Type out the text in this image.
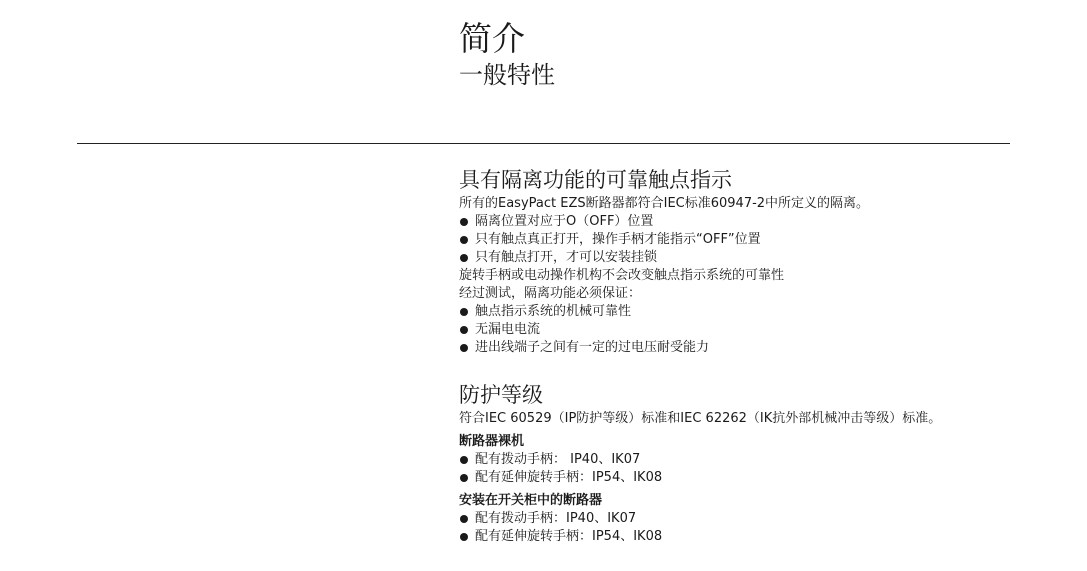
简介
一般特性
具有隔离功能的可靠触点指示
所有的EasyPact EZS断路器都符合IEC标准60947-2中所定义的隔离。
隔离位置对应于O（OFF）位置
只有触点真正打开，操作手柄才能指示“OFF”位置
只有触点打开，才可以安装挂锁
旋转手柄或电动操作机构不会改变触点指示系统的可靠性
经过测试，隔离功能必须保证：
触点指示系统的机械可靠性
无漏电电流
进出线端子之间有一定的过电压耐受能力
防护等级
符合IEC 60529（IP防护等级）标准和IEC 62262（IK抗外部机械冲击等级）标准。
断路器裸机
配有拨动手柄： IP40、IK07
配有延伸旋转手柄：IP54、IK08
安装在开关柜中的断路器
配有拨动手柄：IP40、IK07
配有延伸旋转手柄：IP54、IK08
